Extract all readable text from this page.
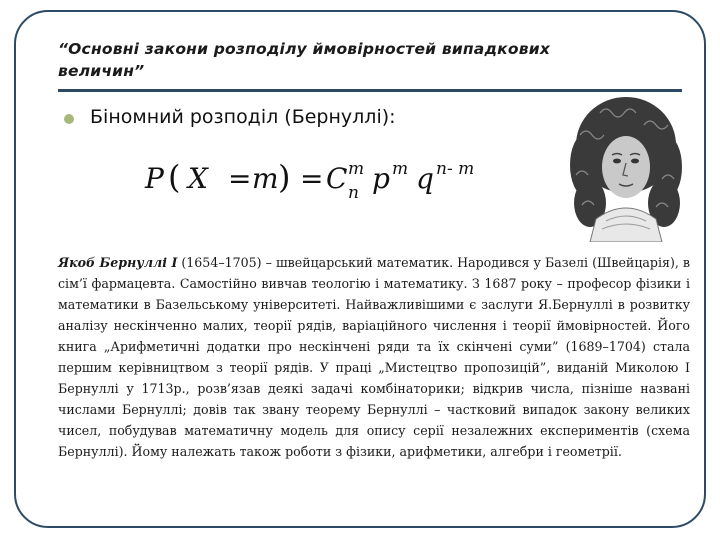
“Основні закони розподілу ймовірностей випадкових величин”
Біномний розподіл (Бернуллі):
P ( X = m ) = C m
n p m q n- m
Якоб Бернуллі І (1654–1705) – швейцарський математик. Народився у Базелі (Швейцарія), в сім’ї фармацевта. Самостійно вивчав теологію і математику. З 1687 року – професор фізики і математики в Базельському університеті. Найважливішими є заслуги Я.Бернуллі в розвитку аналізу нескінченно малих, теорії рядів, варіаційного числення і теорії ймовірностей. Його книга „Арифметичні додатки про нескінчені ряди та їх скінчені суми” (1689–1704) стала першим керівництвом з теорії рядів. У праці „Мистецтво пропозицій”, виданій Миколою І Бернуллі у 1713р., розв’язав деякі задачі комбінаторики; відкрив числа, пізніше названі числами Бернуллі; довів так звану теорему Бернуллі – частковий випадок закону великих чисел, побудував математичну модель для опису серії незалежних експериментів (схема Бернуллі). Йому належать також роботи з фізики, арифметики, алгебри і геометрії.
